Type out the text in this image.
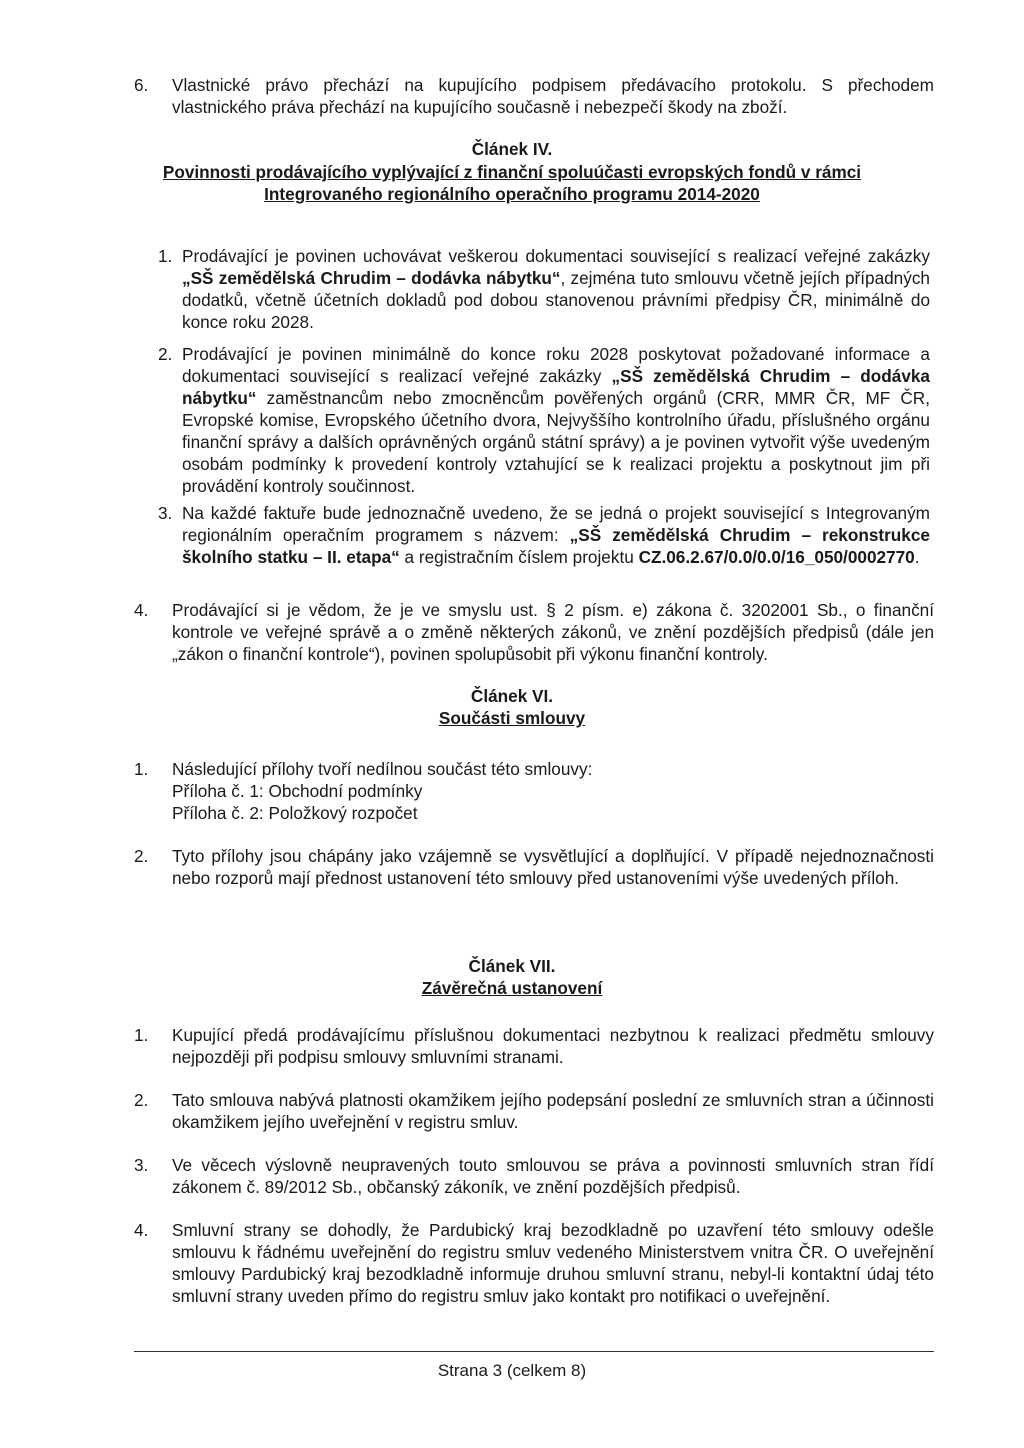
6. Vlastnické právo přechází na kupujícího podpisem předávacího protokolu. S přechodem vlastnického práva přechází na kupujícího současně i nebezpečí škody na zboží.
Článek IV.
Povinnosti prodávajícího vyplývající z finanční spoluúčasti evropských fondů v rámci
Integrovaného regionálního operačního programu 2014-2020
1. Prodávající je povinen uchovávat veškerou dokumentaci související s realizací veřejné zakázky „SŠ zemědělská Chrudim – dodávka nábytku“, zejména tuto smlouvu včetně jejích případných dodatků, včetně účetních dokladů pod dobou stanovenou právními předpisy ČR, minimálně do konce roku 2028.
2. Prodávající je povinen minimálně do konce roku 2028 poskytovat požadované informace a dokumentaci související s realizací veřejné zakázky „SŠ zemědělská Chrudim – dodávka nábytku“ zaměstnancům nebo zmocněncům pověřených orgánů (CRR, MMR ČR, MF ČR, Evropské komise, Evropského účetního dvora, Nejvyššího kontrolního úřadu, příslušného orgánu finanční správy a dalších oprávněných orgánů státní správy) a je povinen vytvořit výše uvedeným osobám podmínky k provedení kontroly vztahující se k realizaci projektu a poskytnout jim při provádění kontroly součinnost.
3. Na každé faktuře bude jednoznačně uvedeno, že se jedná o projekt související s Integrovaným regionálním operačním programem s názvem: „SŠ zemědělská Chrudim – rekonstrukce školního statku – II. etapa“ a registračním číslem projektu CZ.06.2.67/0.0/0.0/16_050/0002770.
4. Prodávající si je vědom, že je ve smyslu ust. § 2 písm. e) zákona č. 3202001 Sb., o finanční kontrole ve veřejné správě a o změně některých zákonů, ve znění pozdějších předpisů (dále jen „zákon o finanční kontrole“), povinen spolupůsobit při výkonu finanční kontroly.
Článek VI.
Součásti smlouvy
1. Následující přílohy tvoří nedílnou součást této smlouvy:
Příloha č. 1: Obchodní podmínky
Příloha č. 2: Položkový rozpočet
2. Tyto přílohy jsou chápány jako vzájemně se vysvětlující a doplňující. V případě nejednoznačnosti nebo rozporů mají přednost ustanovení této smlouvy před ustanoveními výše uvedených příloh.
Článek VII.
Závěrečná ustanovení
1. Kupující předá prodávajícímu příslušnou dokumentaci nezbytnou k realizaci předmětu smlouvy nejpozději při podpisu smlouvy smluvními stranami.
2. Tato smlouva nabývá platnosti okamžikem jejího podepsání poslední ze smluvních stran a účinnosti okamžikem jejího uveřejnění v registru smluv.
3. Ve věcech výslovně neupravených touto smlouvou se práva a povinnosti smluvních stran řídí zákonem č. 89/2012 Sb., občanský zákoník, ve znění pozdějších předpisů.
4. Smluvní strany se dohodly, že Pardubický kraj bezodkladně po uzavření této smlouvy odešle smlouvu k řádnému uveřejnění do registru smluv vedeného Ministerstvem vnitra ČR. O uveřejnění smlouvy Pardubický kraj bezodkladně informuje druhou smluvní stranu, nebyl-li kontaktní údaj této smluvní strany uveden přímo do registru smluv jako kontakt pro notifikaci o uveřejnění.
Strana 3 (celkem 8)
